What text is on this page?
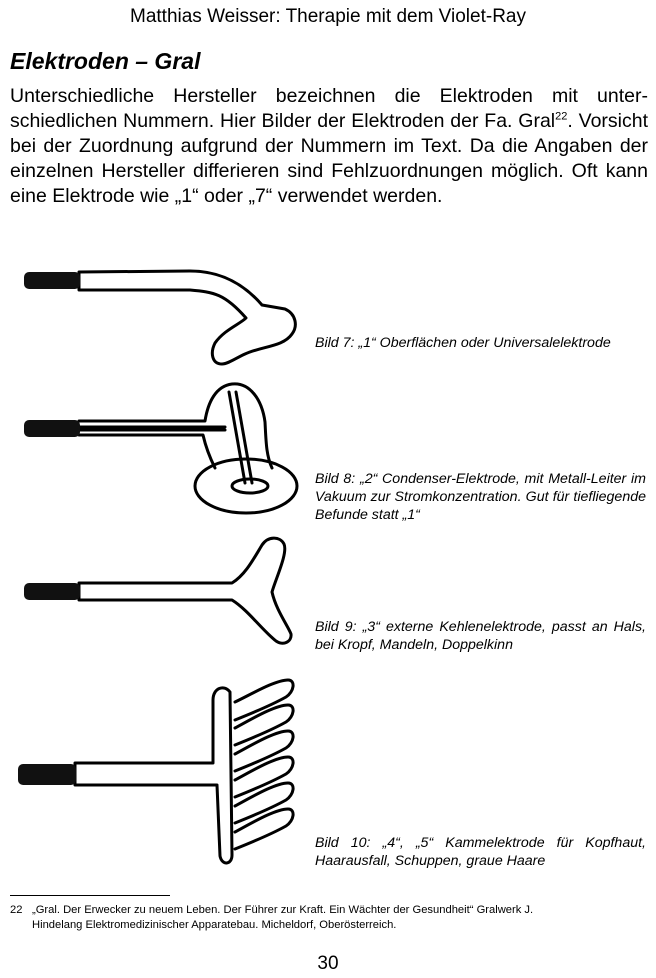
Matthias Weisser: Therapie mit dem Violet-Ray
Elektroden – Gral
Unterschiedliche Hersteller bezeichnen die Elektroden mit unterschiedlichen Nummern. Hier Bilder der Elektroden der Fa. Gral$^{22}$. Vorsicht bei der Zuordnung aufgrund der Nummern im Text. Da die Angaben der einzelnen Hersteller differieren sind Fehlzuordnungen möglich. Oft kann eine Elektrode wie „1“ oder „7“ verwendet werden.
Bild 7: „1“ Oberflächen oder Universalelektrode
Bild 8: „2“ Condenser-Elektrode, mit Metall-Leiter im Vakuum zur Stromkonzentration. Gut für tiefliegende Befunde statt „1“
Bild 9: „3“ externe Kehlenelektrode, passt an Hals, bei Kropf, Mandeln, Doppelkinn
Bild 10: „4“, „5“ Kammelektrode für Kopfhaut, Haarausfall, Schuppen, graue Haare
22 „Gral. Der Erwecker zu neuem Leben. Der Führer zur Kraft. Ein Wächter der Gesundheit“ Gralwerk J.
Hindelang Elektromedizinischer Apparatebau. Micheldorf, Oberösterreich.
30
